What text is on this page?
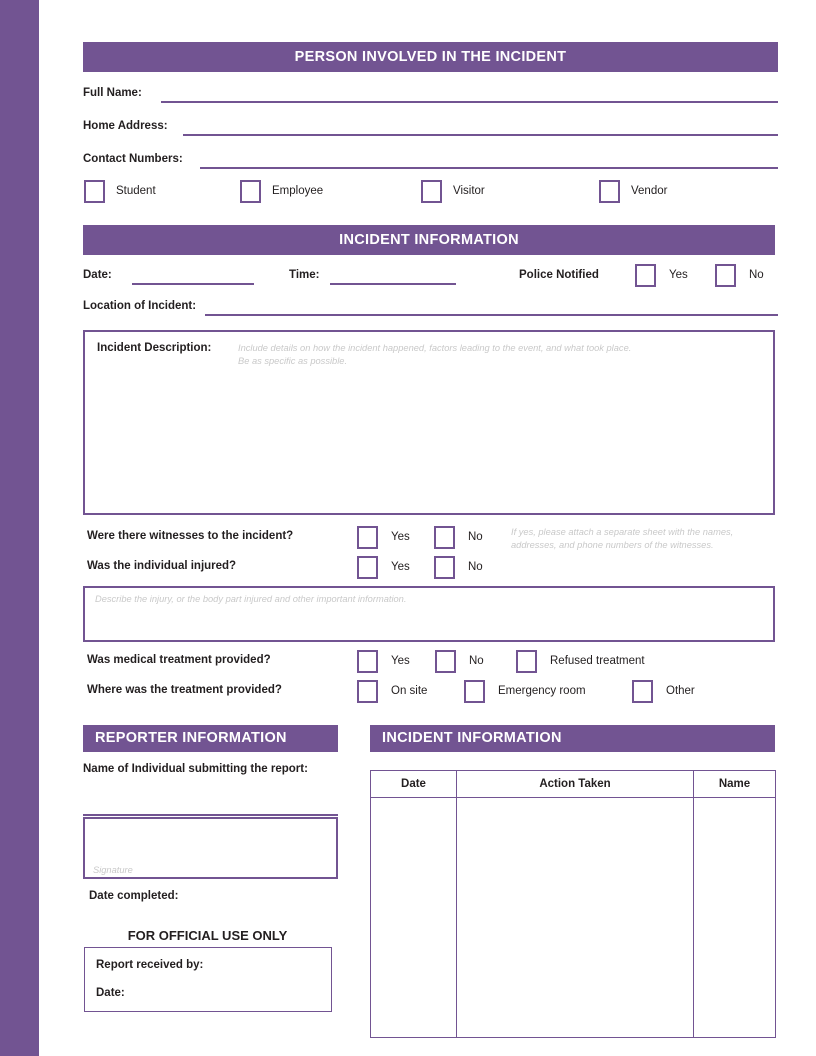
PERSON INVOLVED IN THE INCIDENT
Full Name:
Home Address:
Contact Numbers:
Student	Employee	Visitor	Vendor
INCIDENT INFORMATION
Date:	Time:	Police Notified	Yes	No
Location of Incident:
Incident Description:	Include details on how the incident happened, factors leading to the event, and what took place.
Be as specific as possible.
Were there witnesses to the incident?	Yes	No	If yes, please attach a separate sheet with the names,
addresses, and phone numbers of the witnesses.
Was the individual injured?	Yes	No
Describe the injury, or the body part injured and other important information.
Was medical treatment provided?	Yes	No	Refused treatment
Where was the treatment provided?	On site	Emergency room	Other
REPORTER INFORMATION
Name of Individual submitting the report:
Signature
Date completed:
FOR OFFICIAL USE ONLY
Report received by:
Date:
INCIDENT INFORMATION
Date	Action Taken	Name
